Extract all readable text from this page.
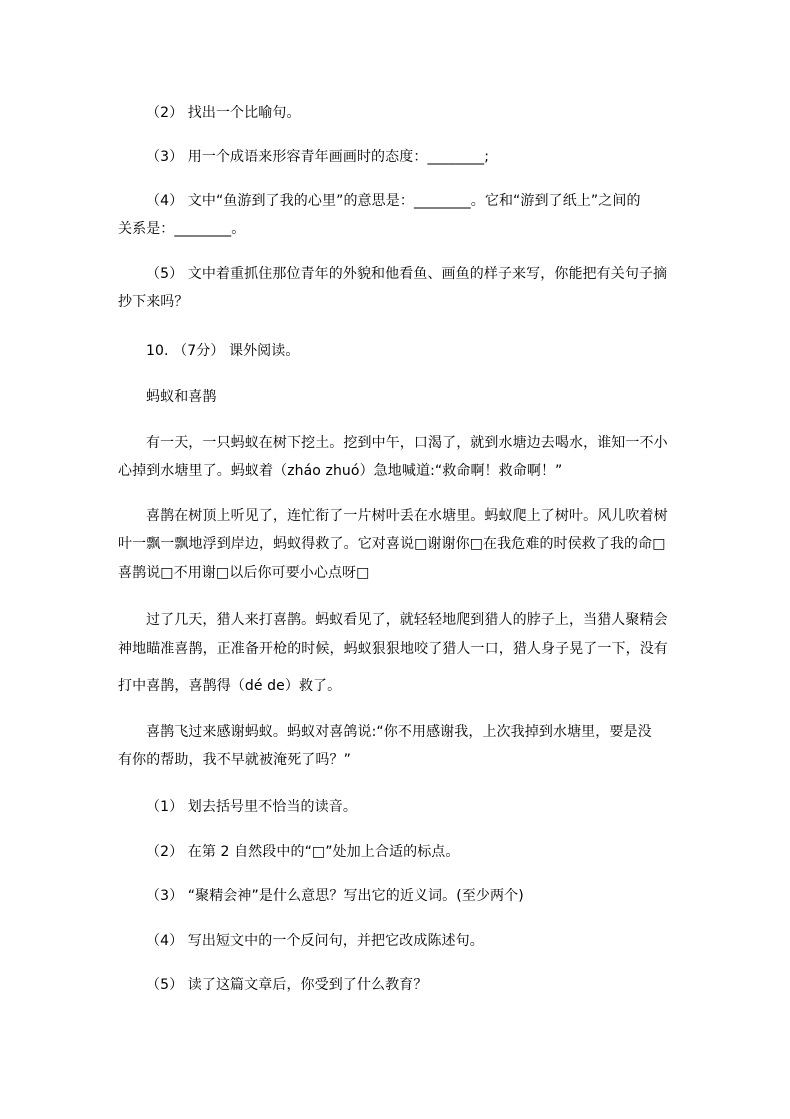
（2） 找出一个比喻句。
（3） 用一个成语来形容青年画画时的态度：________;
（4） 文中“鱼游到了我的心里”的意思是：________。它和“游到了纸上”之间的
关系是：________。
（5） 文中着重抓住那位青年的外貌和他看鱼、画鱼的样子来写，你能把有关句子摘
抄下来吗？
10. （7分） 课外阅读。
蚂蚁和喜鹊
有一天，一只蚂蚁在树下挖土。挖到中午，口渴了，就到水塘边去喝水，谁知一不小
心掉到水塘里了。蚂蚁着（zháo zhuó）急地喊道:“救命啊！救命啊！”
喜鹊在树顶上听见了，连忙衔了一片树叶丢在水塘里。蚂蚁爬上了树叶。风儿吹着树
叶一飘一飘地浮到岸边，蚂蚁得救了。它对喜说□谢谢你□在我危难的时侯救了我的命□
喜鹊说□不用谢□以后你可要小心点呀□
过了几天，猎人来打喜鹊。蚂蚁看见了，就轻轻地爬到猎人的脖子上，当猎人聚精会
神地瞄准喜鹊，正准备开枪的时候，蚂蚁狠狠地咬了猎人一口，猎人身子晃了一下，没有
打中喜鹊，喜鹊得（dé de）救了。
喜鹊飞过来感谢蚂蚁。蚂蚁对喜鸽说:“你不用感谢我，上次我掉到水塘里，要是没
有你的帮助，我不早就被淹死了吗？”
（1） 划去括号里不恰当的读音。
（2） 在第 2 自然段中的“□”处加上合适的标点。
（3） “聚精会神”是什么意思？写出它的近义词。(至少两个)
（4） 写出短文中的一个反问句，并把它改成陈述句。
（5） 读了这篇文章后，你受到了什么教育？
